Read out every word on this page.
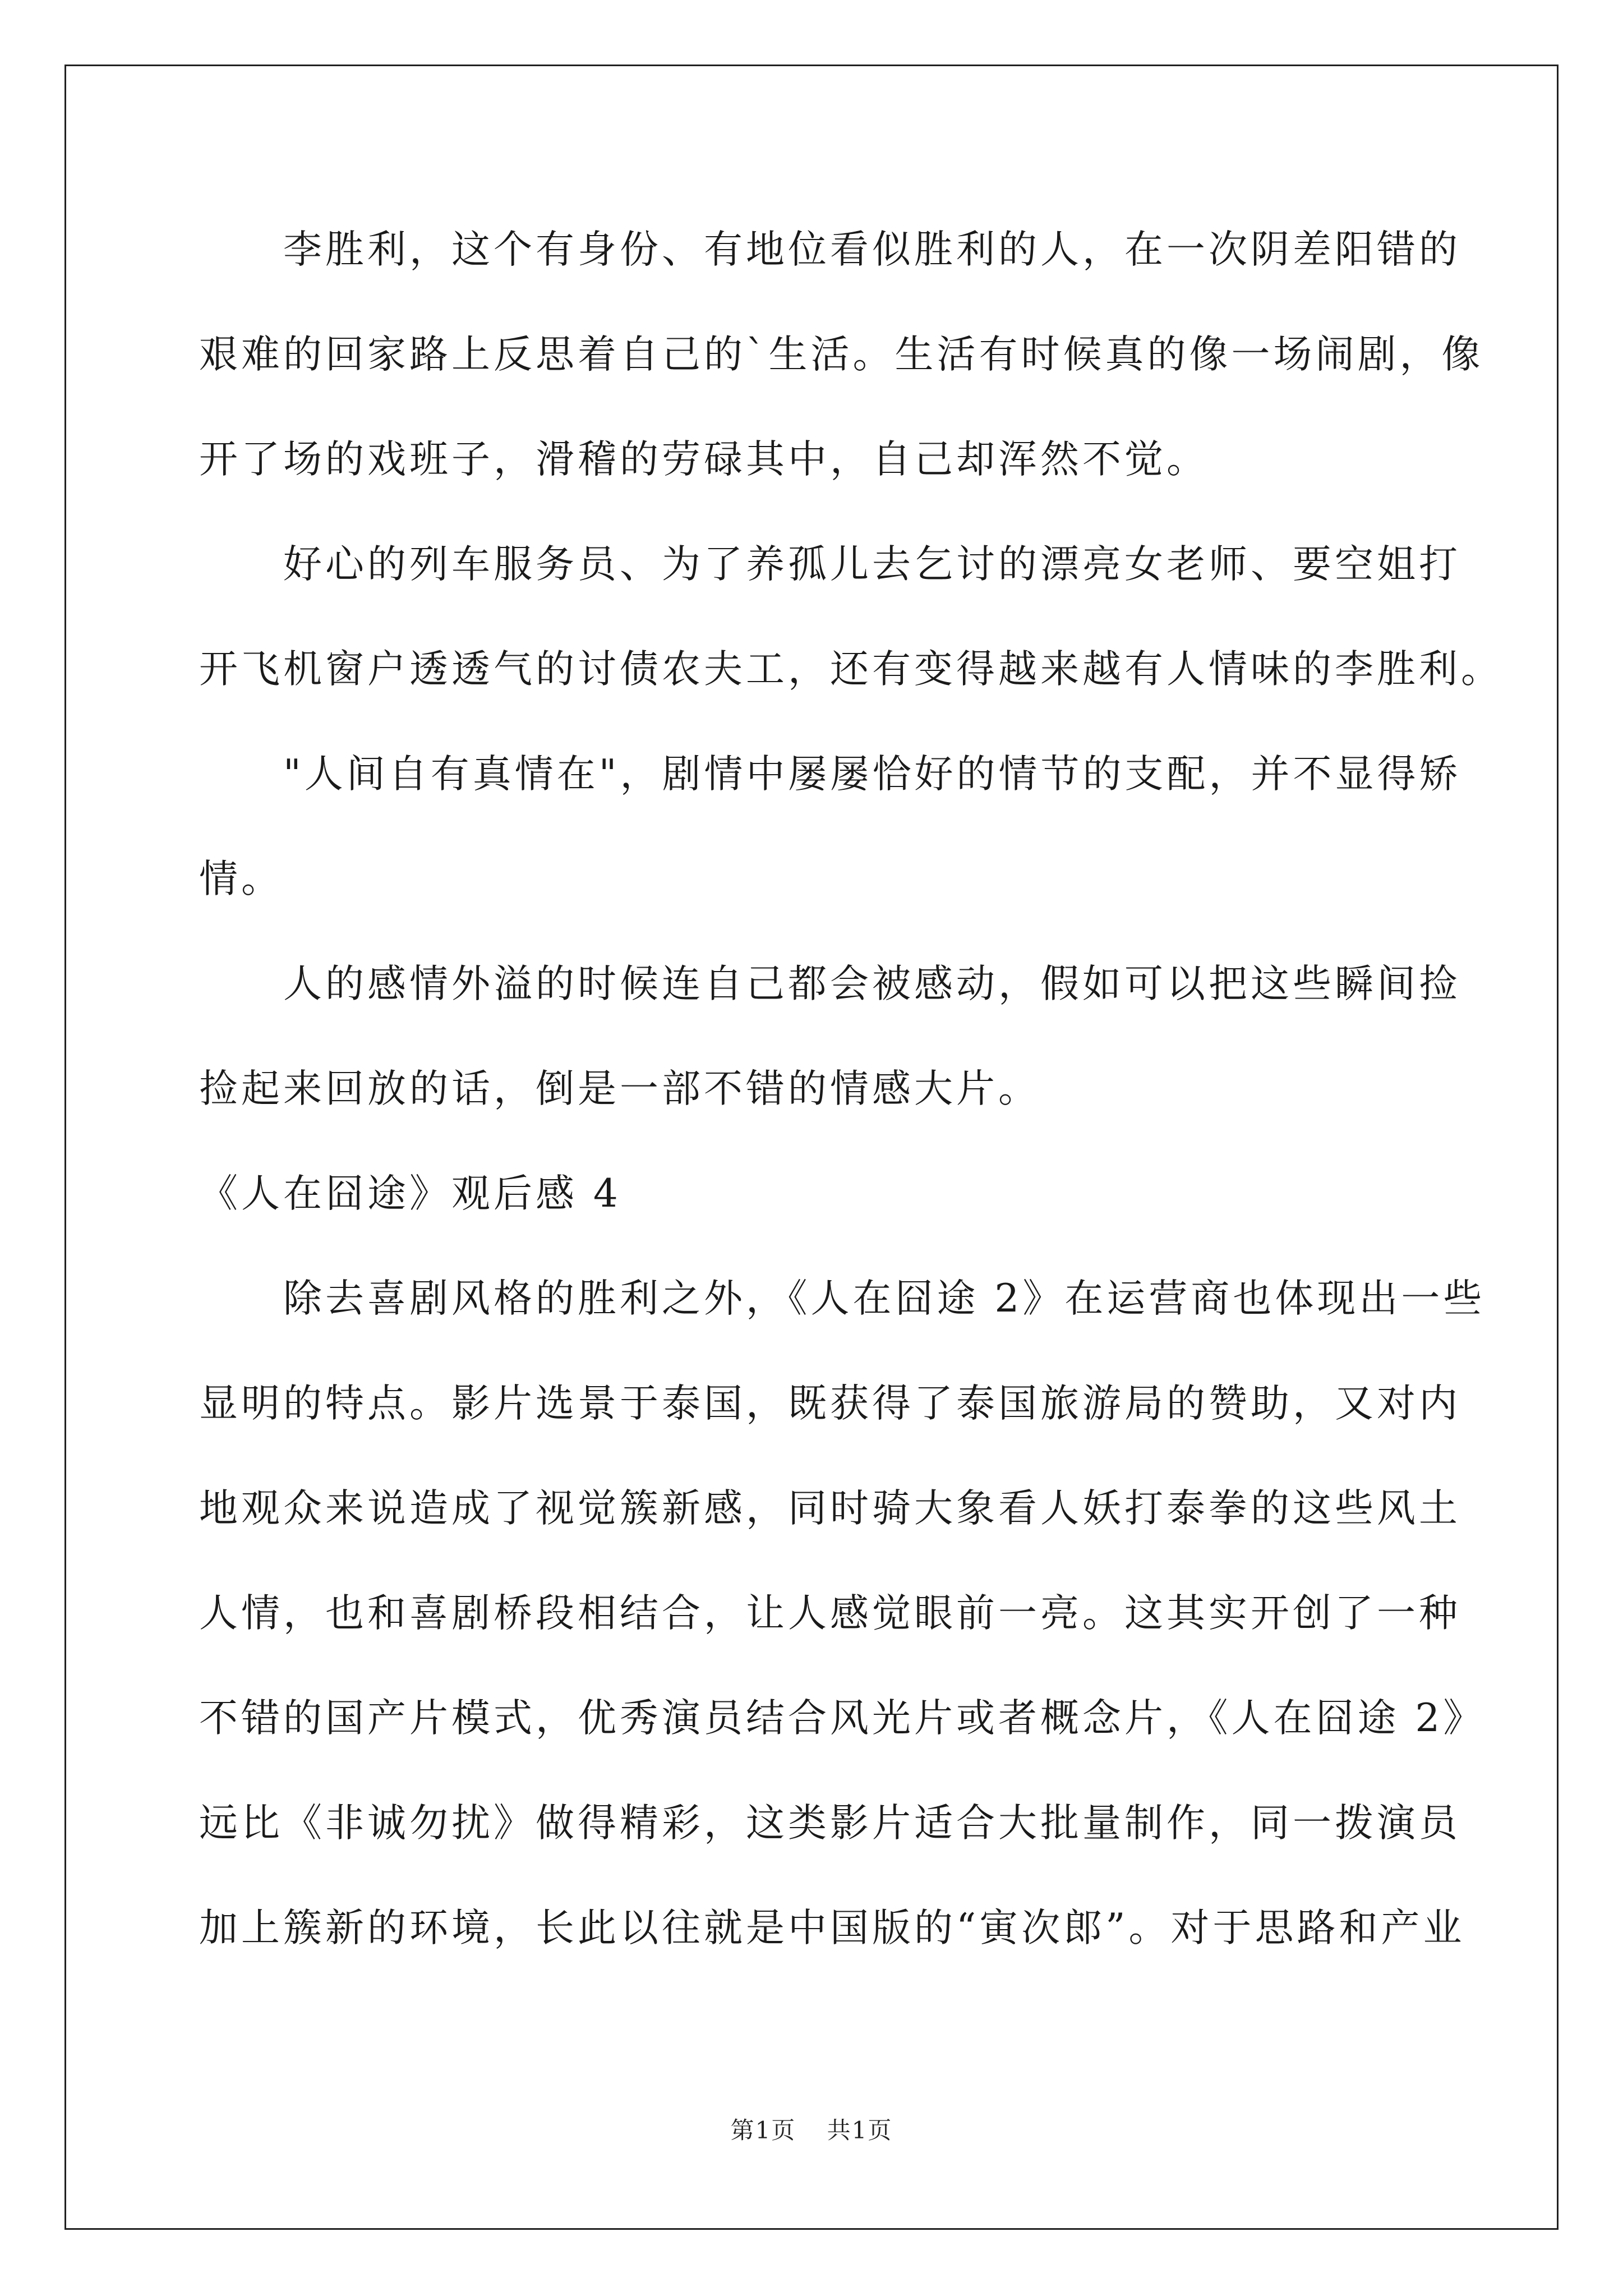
李胜利，这个有身份、有地位看似胜利的人，在一次阴差阳错的
艰难的回家路上反思着自己的`生活。生活有时候真的像一场闹剧，像
开了场的戏班子，滑稽的劳碌其中，自己却浑然不觉。
好心的列车服务员、为了养孤儿去乞讨的漂亮女老师、要空姐打
开飞机窗户透透气的讨债农夫工，还有变得越来越有人情味的李胜利。
"人间自有真情在"，剧情中屡屡恰好的情节的支配，并不显得矫
情。
人的感情外溢的时候连自己都会被感动，假如可以把这些瞬间捡
捡起来回放的话，倒是一部不错的情感大片。
《人在囧途》观后感 4
除去喜剧风格的胜利之外，《人在囧途 2》在运营商也体现出一些
显明的特点。影片选景于泰国，既获得了泰国旅游局的赞助，又对内
地观众来说造成了视觉簇新感，同时骑大象看人妖打泰拳的这些风土
人情，也和喜剧桥段相结合，让人感觉眼前一亮。这其实开创了一种
不错的国产片模式，优秀演员结合风光片或者概念片，《人在囧途 2》
远比《非诚勿扰》做得精彩，这类影片适合大批量制作，同一拨演员
加上簇新的环境，长此以往就是中国版的“寅次郎”。对于思路和产业
第1页 共1页
